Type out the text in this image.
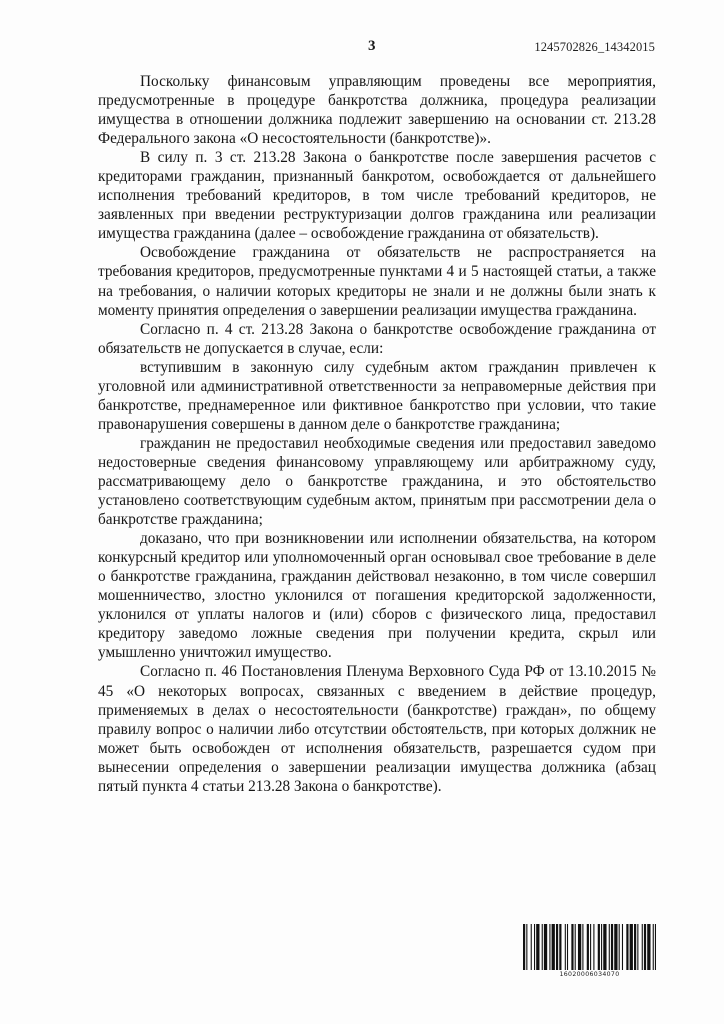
3	1245702826_14342015

Поскольку финансовым управляющим проведены все мероприятия, предусмотренные в процедуре банкротства должника, процедура реализации имущества в отношении должника подлежит завершению на основании ст. 213.28 Федерального закона «О несостоятельности (банкротстве)».

В силу п. 3 ст. 213.28 Закона о банкротстве после завершения расчетов с кредиторами гражданин, признанный банкротом, освобождается от дальнейшего исполнения требований кредиторов, в том числе требований кредиторов, не заявленных при введении реструктуризации долгов гражданина или реализации имущества гражданина (далее – освобождение гражданина от обязательств).

Освобождение гражданина от обязательств не распространяется на требования кредиторов, предусмотренные пунктами 4 и 5 настоящей статьи, а также на требования, о наличии которых кредиторы не знали и не должны были знать к моменту принятия определения о завершении реализации имущества гражданина.

Согласно п. 4 ст. 213.28 Закона о банкротстве освобождение гражданина от обязательств не допускается в случае, если:

вступившим в законную силу судебным актом гражданин привлечен к уголовной или административной ответственности за неправомерные действия при банкротстве, преднамеренное или фиктивное банкротство при условии, что такие правонарушения совершены в данном деле о банкротстве гражданина;

гражданин не предоставил необходимые сведения или предоставил заведомо недостоверные сведения финансовому управляющему или арбитражному суду, рассматривающему дело о банкротстве гражданина, и это обстоятельство установлено соответствующим судебным актом, принятым при рассмотрении дела о банкротстве гражданина;

доказано, что при возникновении или исполнении обязательства, на котором конкурсный кредитор или уполномоченный орган основывал свое требование в деле о банкротстве гражданина, гражданин действовал незаконно, в том числе совершил мошенничество, злостно уклонился от погашения кредиторской задолженности, уклонился от уплаты налогов и (или) сборов с физического лица, предоставил кредитору заведомо ложные сведения при получении кредита, скрыл или умышленно уничтожил имущество.

Согласно п. 46 Постановления Пленума Верховного Суда РФ от 13.10.2015 № 45 «О некоторых вопросах, связанных с введением в действие процедур, применяемых в делах о несостоятельности (банкротстве) граждан», по общему правилу вопрос о наличии либо отсутствии обстоятельств, при которых должник не может быть освобожден от исполнения обязательств, разрешается судом при вынесении определения о завершении реализации имущества должника (абзац пятый пункта 4 статьи 213.28 Закона о банкротстве).

16020006034070
